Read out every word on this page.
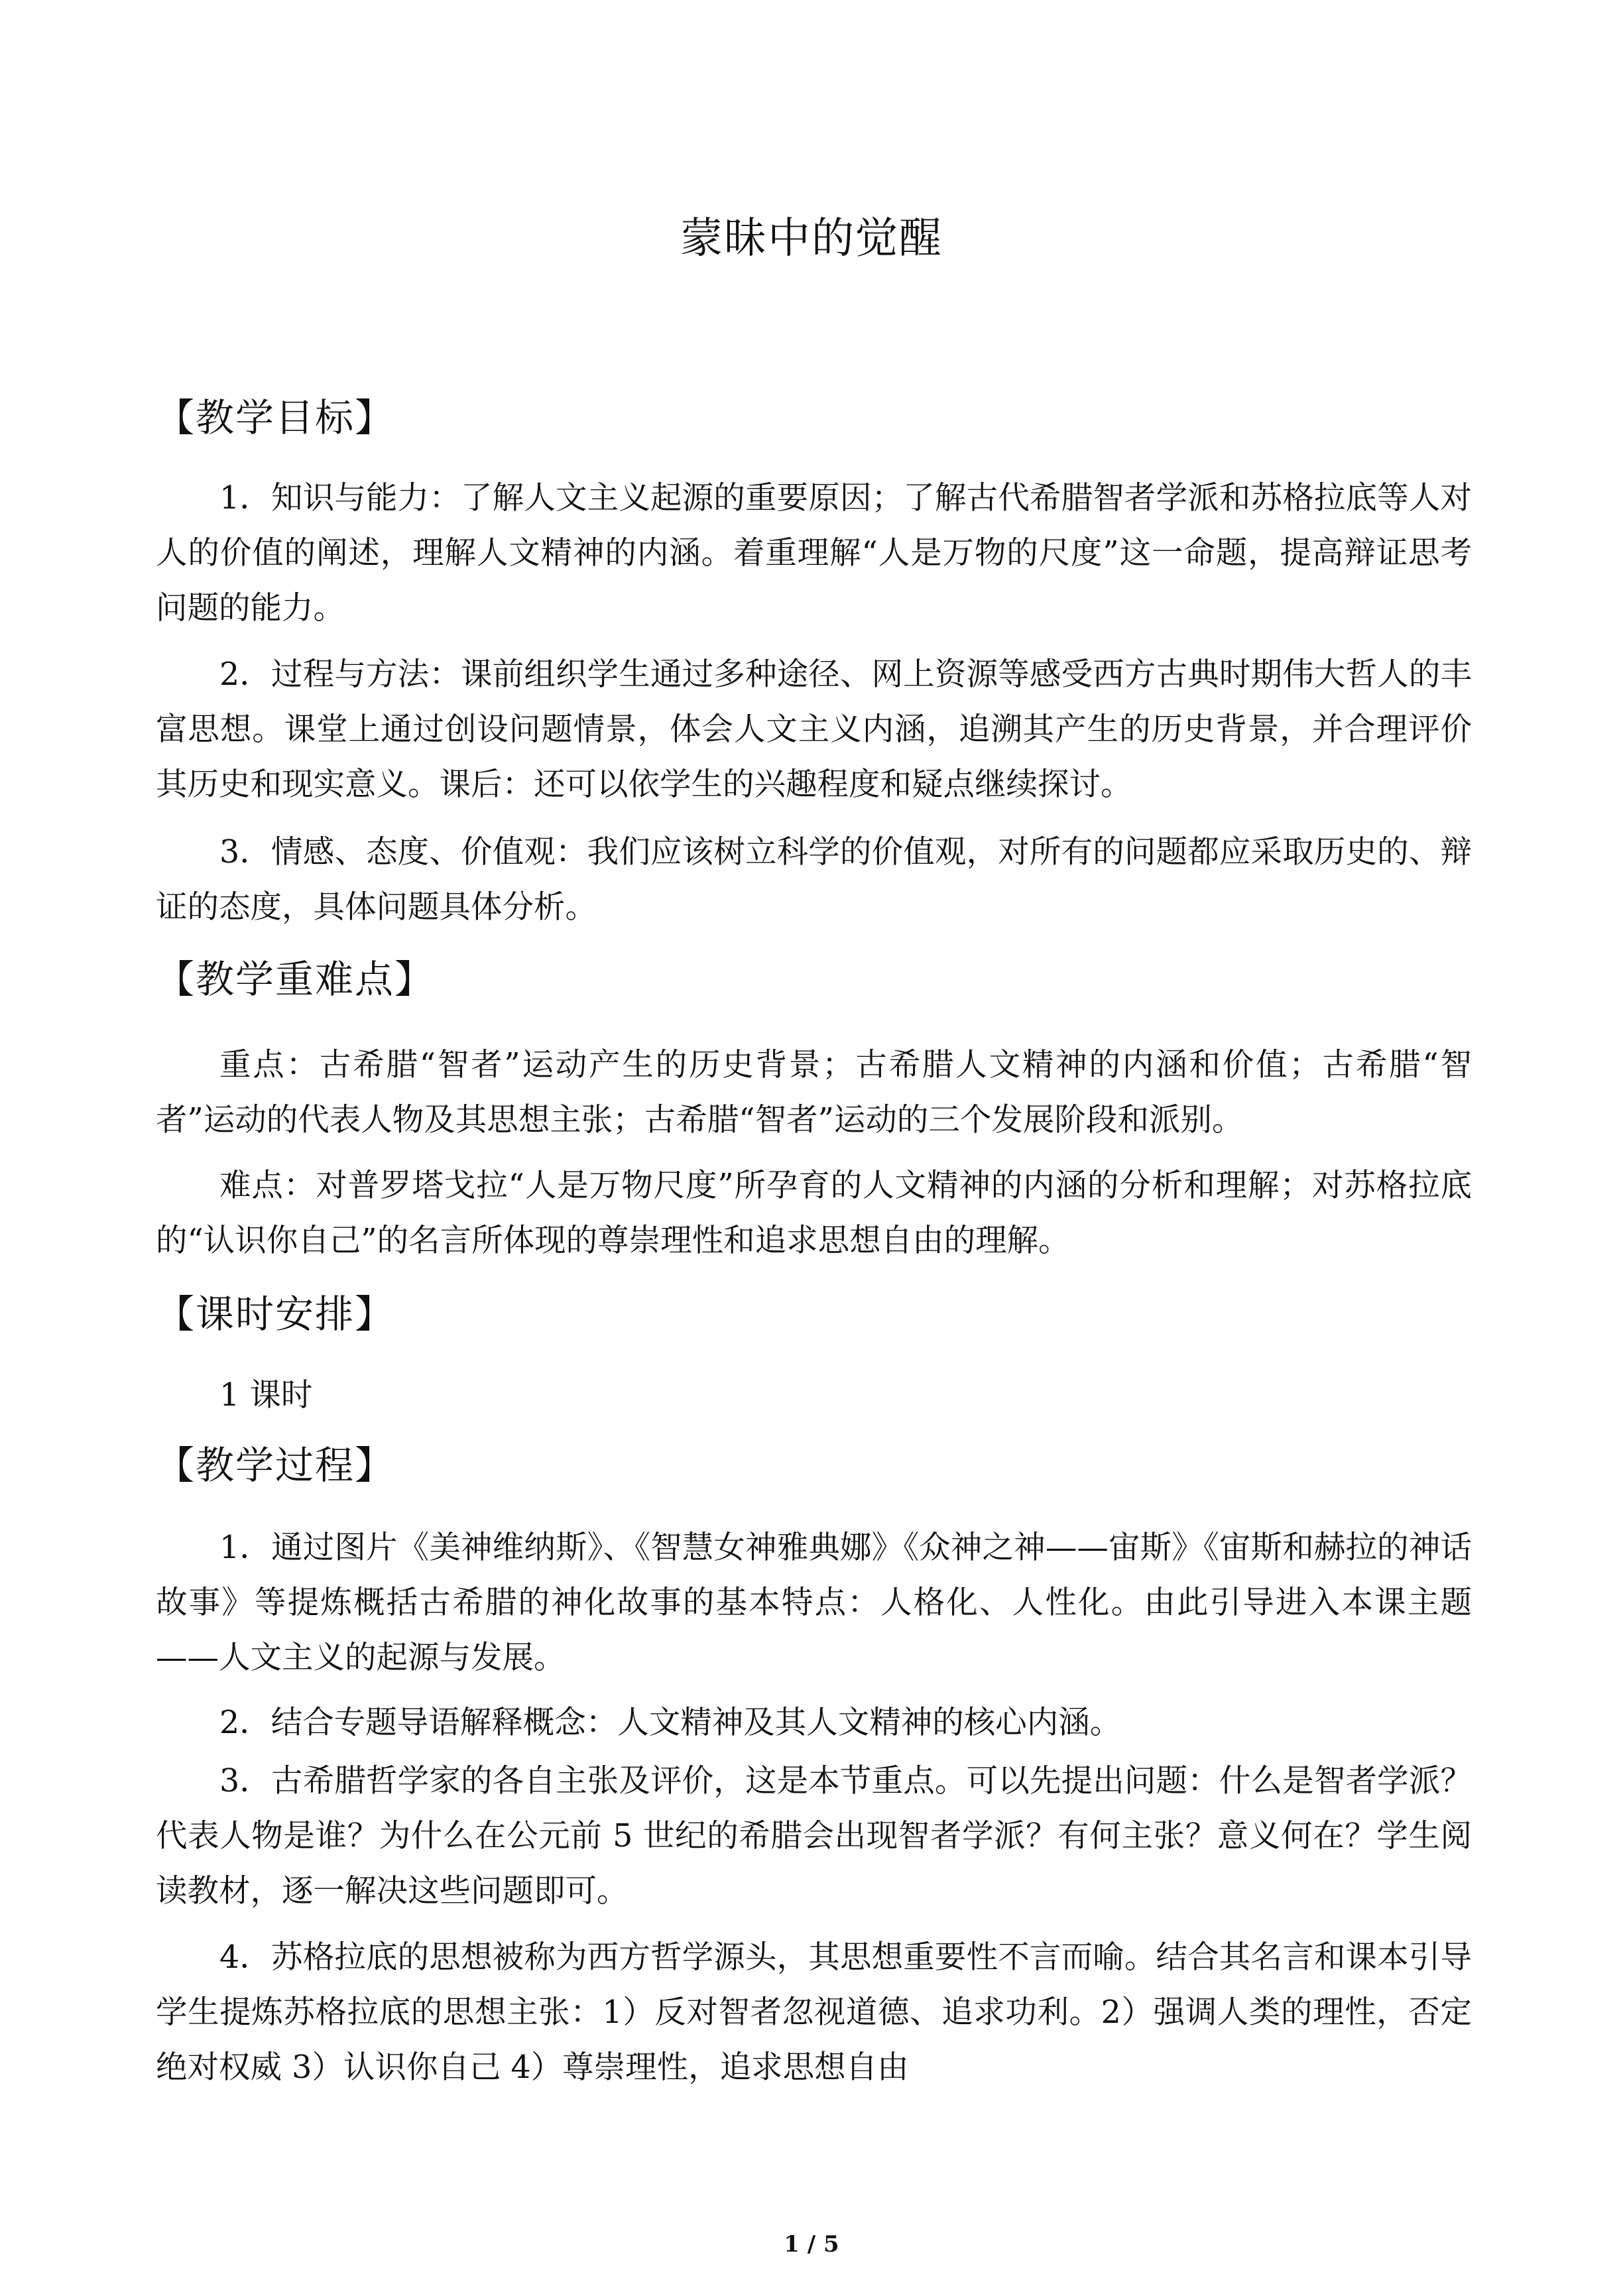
蒙昧中的觉醒
【教学目标】

1．知识与能力：了解人文主义起源的重要原因；了解古代希腊智者学派和苏格拉底等人对人的价值的阐述，理解人文精神的内涵。着重理解“人是万物的尺度”这一命题，提高辩证思考问题的能力。

2．过程与方法：课前组织学生通过多种途径、网上资源等感受西方古典时期伟大哲人的丰富思想。课堂上通过创设问题情景，体会人文主义内涵，追溯其产生的历史背景，并合理评价其历史和现实意义。课后：还可以依学生的兴趣程度和疑点继续探讨。

3．情感、态度、价值观：我们应该树立科学的价值观，对所有的问题都应采取历史的、辩证的态度，具体问题具体分析。

【教学重难点】

重点：古希腊“智者”运动产生的历史背景；古希腊人文精神的内涵和价值；古希腊“智者”运动的代表人物及其思想主张；古希腊“智者”运动的三个发展阶段和派别。

难点：对普罗塔戈拉“人是万物尺度”所孕育的人文精神的内涵的分析和理解；对苏格拉底的“认识你自己”的名言所体现的尊崇理性和追求思想自由的理解。

【课时安排】

1 课时

【教学过程】

1．通过图片《美神维纳斯》、《智慧女神雅典娜》《众神之神——宙斯》《宙斯和赫拉的神话故事》等提炼概括古希腊的神化故事的基本特点：人格化、人性化。由此引导进入本课主题——人文主义的起源与发展。

2．结合专题导语解释概念：人文精神及其人文精神的核心内涵。

3．古希腊哲学家的各自主张及评价，这是本节重点。可以先提出问题：什么是智者学派？代表人物是谁？为什么在公元前 5 世纪的希腊会出现智者学派？有何主张？意义何在？学生阅读教材，逐一解决这些问题即可。

4．苏格拉底的思想被称为西方哲学源头，其思想重要性不言而喻。结合其名言和课本引导学生提炼苏格拉底的思想主张：1）反对智者忽视道德、追求功利。2）强调人类的理性，否定绝对权威 3）认识你自己 4）尊崇理性，追求思想自由

1 / 5
